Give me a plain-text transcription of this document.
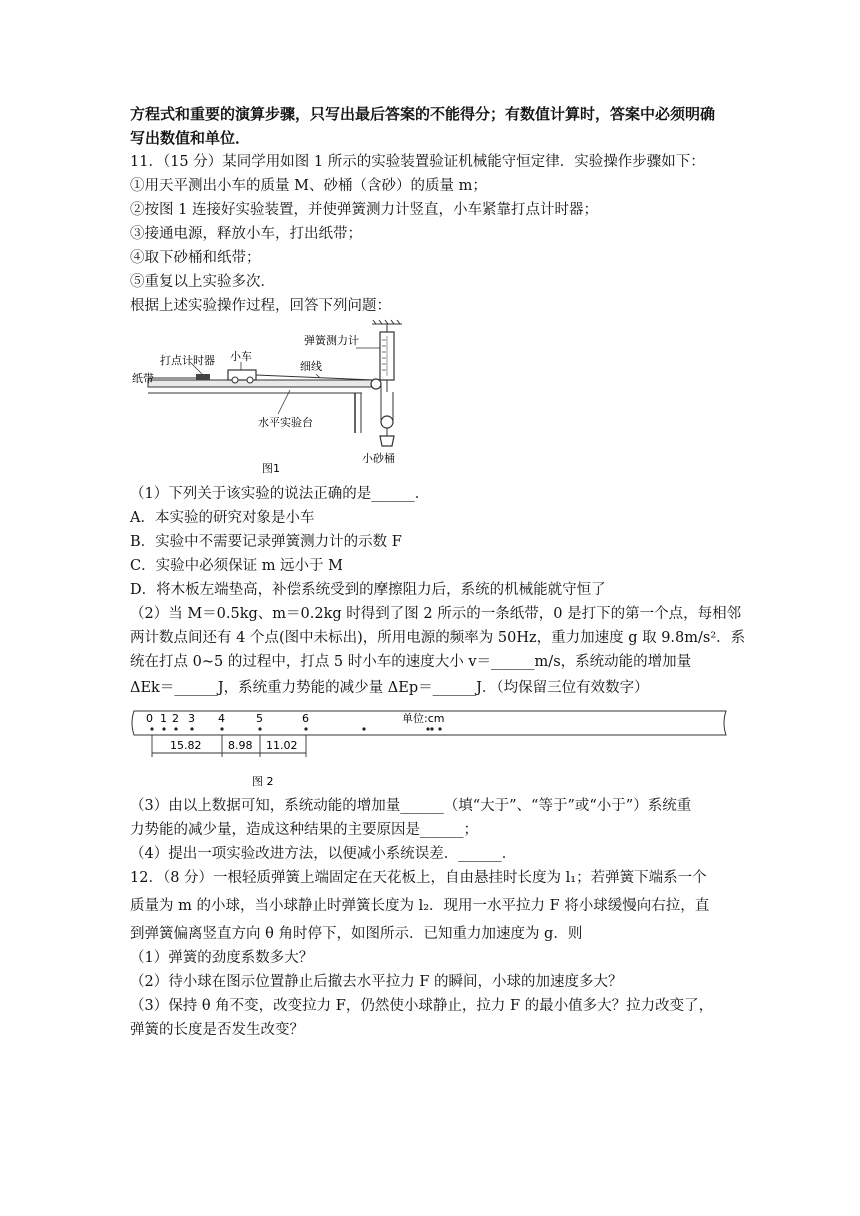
方程式和重要的演算步骤，只写出最后答案的不能得分；有数值计算时，答案中必须明确
写出数值和单位．
11．（15 分）某同学用如图 1 所示的实验装置验证机械能守恒定律．实验操作步骤如下：
①用天平测出小车的质量 M、砂桶（含砂）的质量 m；
②按图 1 连接好实验装置，并使弹簧测力计竖直，小车紧靠打点计时器；
③接通电源，释放小车，打出纸带；
④取下砂桶和纸带；
⑤重复以上实验多次．
根据上述实验操作过程，回答下列问题：
打点计时器 小车
纸带
弹簧测力计
细线
水平实验台
小砂桶
图1
（1）下列关于该实验的说法正确的是______．
A．本实验的研究对象是小车
B．实验中不需要记录弹簧测力计的示数 F
C．实验中必须保证 m 远小于 M
D．将木板左端垫高，补偿系统受到的摩擦阻力后，系统的机械能就守恒了
（2）当 M＝0.5kg、m＝0.2kg 时得到了图 2 所示的一条纸带，0 是打下的第一个点，每相邻
两计数点间还有 4 个点(图中未标出)，所用电源的频率为 50Hz，重力加速度 g 取 9.8m/s²．系
统在打点 0~5 的过程中，打点 5 时小车的速度大小 v＝______m/s，系统动能的增加量
ΔEk＝______J，系统重力势能的减少量 ΔEp＝______J．（均保留三位有效数字）
0 1 2 3 4	5	6	单位:cm
15.82 8.98 11.02
图 2
（3）由以上数据可知，系统动能的增加量______（填“大于”、“等于”或“小于”）系统重
力势能的减少量，造成这种结果的主要原因是______；
（4）提出一项实验改进方法，以便减小系统误差．______．
12．（8 分）一根轻质弹簧上端固定在天花板上，自由悬挂时长度为 l₁；若弹簧下端系一个
质量为 m 的小球，当小球静止时弹簧长度为 l₂．现用一水平拉力 F 将小球缓慢向右拉，直
到弹簧偏离竖直方向 θ 角时停下，如图所示．已知重力加速度为 g．则
（1）弹簧的劲度系数多大？
（2）待小球在图示位置静止后撤去水平拉力 F 的瞬间，小球的加速度多大？
（3）保持 θ 角不变，改变拉力 F，仍然使小球静止，拉力 F 的最小值多大？拉力改变了，
弹簧的长度是否发生改变？
